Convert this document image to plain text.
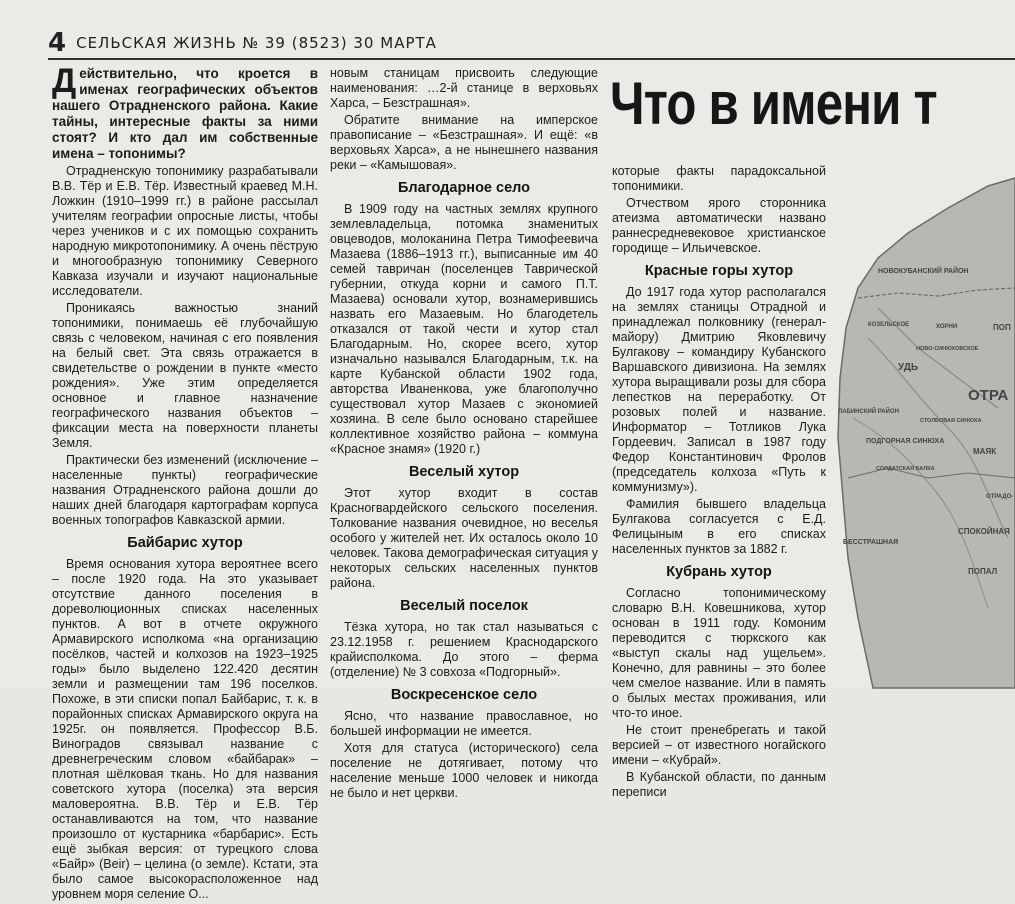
4 СЕЛЬСКАЯ ЖИЗНЬ № 39 (8523) 30 МАРТА

Действительно, что кроется в именах географических объектов нашего Отрадненского района. Какие тайны, интересные факты за ними стоят? И кто дал им собственные имена – топонимы?

Отрадненскую топонимику разрабатывали В.В. Тёр и Е.В. Тёр. Известный краевед М.Н. Ложкин (1910–1999 гг.) в районе рассылал учителям географии опросные листы, чтобы через учеников и с их помощью сохранить народную микротопонимику. А очень пёструю и многообразную топонимику Северного Кавказа изучали и изучают национальные исследователи.

Проникаясь важностью знаний топонимики, понимаешь её глубочайшую связь с человеком, начиная с его появления на белый свет. Эта связь отражается в свидетельстве о рождении в пункте «место рождения». Уже этим определяется основное и главное назначение географического названия объектов – фиксации места на поверхности планеты Земля.

Практически без изменений (исключение – населенные пункты) географические названия Отрадненского района дошли до наших дней благодаря картографам корпуса военных топографов Кавказской армии.

Байбарис хутор

Время основания хутора вероятнее всего – после 1920 года. На это указывает отсутствие данного поселения в дореволюционных списках населенных пунктов. А вот в отчете окружного Армавирского исполкома «на организацию посёлков, частей и колхозов на 1923–1925 годы» было выделено 122.420 десятин земли и размещении там 196 поселков. Похоже, в эти списки попал Байбарис, т. к. в порайонных списках Армавирского округа на 1925г. он появляется. Профессор В.Б. Виноградов связывал название с древнегреческим словом «байбарак» – плотная шёлковая ткань. Но для названия советского хутора (поселка) эта версия маловероятна. В.В. Тёр и Е.В. Тёр останавливаются на том, что название произошло от кустарника «барбарис». Есть ещё зыбкая версия: от турецкого слова «Байр» (Beir) – целина (о земле). Кстати, эта было самое высокорасположенное над уровнем моря селение О...

новым станицам присвоить следующие наименования: …2-й станице в верховьях Харса, – Безстрашная».

Обратите внимание на имперское правописание – «Безстрашная». И ещё: «в верховьях Харса», а не нынешнего названия реки – «Камышовая».

Благодарное село

В 1909 году на частных землях крупного землевладельца, потомка знаменитых овцеводов, молоканина Петра Тимофеевича Мазаева (1886–1913 гг.), выписанные им 40 семей тавричан (поселенцев Таврической губернии, откуда корни и самого П.Т. Мазаева) основали хутор, вознамерившись назвать его Мазаевым. Но благодетель отказался от такой чести и хутор стал Благодарным. Но, скорее всего, хутор изначально назывался Благодарным, т.к. на карте Кубанской области 1902 года, авторства Иваненкова, уже благополучно существовал хутор Мазаев с экономией хозяина. В селе было основано старейшее коллективное хозяйство района – коммуна «Красное знамя» (1920 г.)

Веселый хутор

Этот хутор входит в состав Красногвардейского сельского поселения. Толкование названия очевидное, но веселья особого у жителей нет. Их осталось около 10 человек. Такова демографическая ситуация у некоторых сельских населенных пунктов района.

Веселый поселок

Тёзка хутора, но так стал называться с 23.12.1958 г. решением Краснодарского крайисполкома. До этого – ферма (отделение) № 3 совхоза «Подгорный».

Воскресенское село

Ясно, что название православное, но большей информации не имеется.

Хотя для статуса (исторического) села поселение не дотягивает, потому что население меньше 1000 человек и никогда не было и нет церкви.

Что в имени т

которые факты парадоксальной топонимики.

Отчеством ярого сторонника атеизма автоматически названо раннесредневековое христианское городище – Ильичевское.

Красные горы хутор

До 1917 года хутор располагался на землях станицы Отрадной и принадлежал полковнику (генерал-майору) Дмитрию Яковлевичу Булгакову – командиру Кубанского Варшавского дивизиона. На землях хутора выращивали розы для сбора лепестков на переработку. От розовых полей и название. Информатор – Тотликов Лука Гордеевич. Записал в 1987 году Федор Константинович Фролов (председатель колхоза «Путь к коммунизму»).

Фамилия бывшего владельца Булгакова согласуется с Е.Д. Фелицыным в его списках населенных пунктов за 1882 г.

Кубрань хутор

Согласно топонимическому словарю В.Н. Ковешникова, хутор основан в 1911 году. Комоним переводится с тюркского как «выступ скалы над ущельем». Конечно, для равнины – это более чем смелое название. Или в память о былых местах проживания, или что-то иное.

Не стоит пренебрегать и такой версией – от известного ногайского имени – «Кубрай».

В Кубанской области, по данным переписи

НОВОКУБАНСКИЙ РАЙОН
КОЗЕЛЬСКОЕ	ХОРНИ	ПОП
НОВО-СИНЮХОВСКОЕ
УДЬ
ОТРА
ЛАБИНСКИЙ РАЙОН
СТОЛБОВАЯ СИНЮХА
ПОДГОРНАЯ СИНЮХА
МАЯК
СОЛДАТСКАЯ БАЛКА
ОТРАДО-
БЕССТРАШНАЯ
СПОКОЙНАЯ
ПОПАЛ
